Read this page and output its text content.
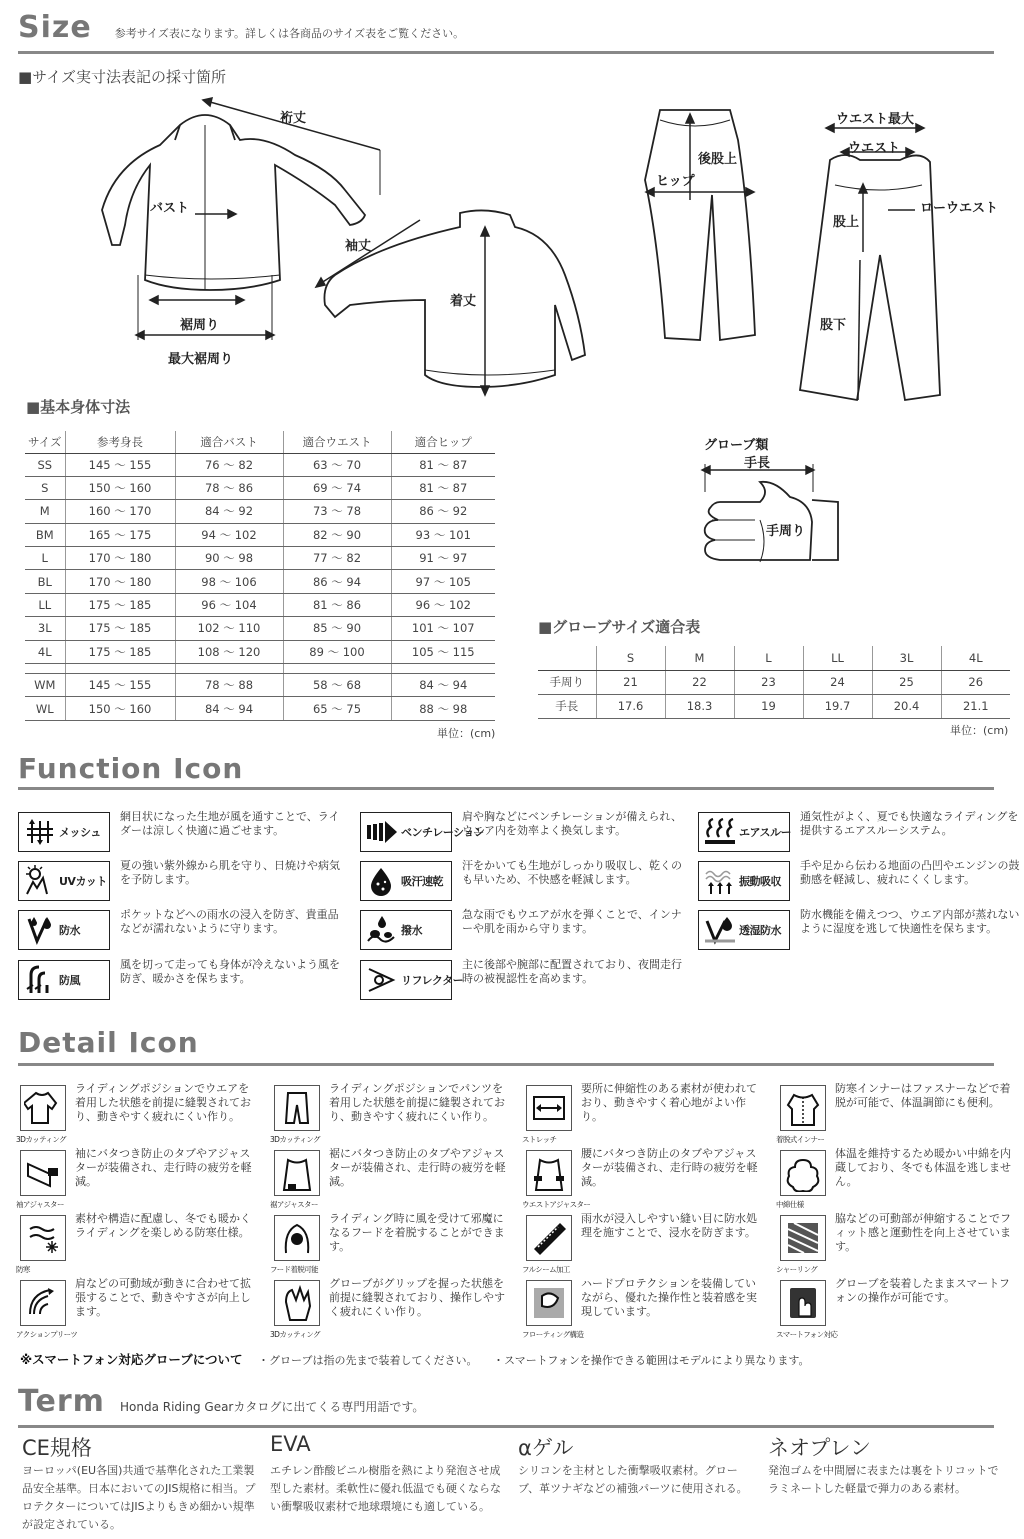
Size 参考サイズ表になります。詳しくは各商品のサイズ表をご覧ください。
■サイズ実寸法表記の採寸箇所
裄丈
バスト
裾周り
最大裾周り
袖丈
着丈
後股上
ヒップ
ウエスト最大
ウエスト
ローウエスト
股上
股下
■基本身体寸法
サイズ	参考身長	適合バスト	適合ウエスト	適合ヒップ
SS	145 ～ 155	76 ～ 82	63 ～ 70	81 ～ 87
S	150 ～ 160	78 ～ 86	69 ～ 74	81 ～ 87
M	160 ～ 170	84 ～ 92	73 ～ 78	86 ～ 92
BM	165 ～ 175	94 ～ 102	82 ～ 90	93 ～ 101
L	170 ～ 180	90 ～ 98	77 ～ 82	91 ～ 97
BL	170 ～ 180	98 ～ 106	86 ～ 94	97 ～ 105
LL	175 ～ 185	96 ～ 104	81 ～ 86	96 ～ 102
3L	175 ～ 185	102 ～ 110	85 ～ 90	101 ～ 107
4L	175 ～ 185	108 ～ 120	89 ～ 100	105 ～ 115

WM	145 ～ 155	78 ～ 88	58 ～ 68	84 ～ 94
WL	150 ～ 160	84 ～ 94	65 ～ 75	88 ～ 98
単位：(cm)
グローブ類
手長
手周り
■グローブサイズ適合表
	S	M	L	LL	3L	4L
手周り	21	22	23	24	25	26
手長	17.6	18.3	19	19.7	20.4	21.1
単位：(cm)
Function Icon
メッシュ
網目状になった生地が風を通すことで、ライダーは涼しく快適に過ごせます。	ベンチレーション
肩や胸などにベンチレーションが備えられ、ウエア内を効率よく換気します。	エアスルー
通気性がよく、夏でも快適なライディングを提供するエアスルーシステム。
UVカット
夏の強い紫外線から肌を守り、日焼けや病気を予防します。	吸汗速乾
汗をかいても生地がしっかり吸収し、乾くのも早いため、不快感を軽減します。	振動吸収
手や足から伝わる地面の凸凹やエンジンの鼓動感を軽減し、疲れにくくします。
防水
ポケットなどへの雨水の浸入を防ぎ、貴重品などが濡れないように守ります。	撥水
急な雨でもウエアが水を弾くことで、インナーや肌を雨から守ります。	透湿防水
防水機能を備えつつ、ウエア内部が蒸れないように湿度を逃して快適性を保ちます。
防風
風を切って走っても身体が冷えないよう風を防ぎ、暖かさを保ちます。	リフレクター
主に後部や腕部に配置されており、夜間走行時の被視認性を高めます。
Detail Icon
3Dカッティング
ライディングポジションでウエアを着用した状態を前提に縫製されており、動きやすく疲れにくい作り。
3Dカッティング
ライディングポジションでパンツを着用した状態を前提に縫製されており、動きやすく疲れにくい作り。
ストレッチ
要所に伸縮性のある素材が使われており、動きやすく着心地がよい作り。
着脱式インナー
防寒インナーはファスナーなどで着脱が可能で、体温調節にも便利。
袖アジャスター
袖にバタつき防止のタブやアジャスターが装備され、走行時の疲労を軽減。
裾アジャスター
裾にバタつき防止のタブやアジャスターが装備され、走行時の疲労を軽減。
ウエストアジャスター
腰にバタつき防止のタブやアジャスターが装備され、走行時の疲労を軽減。
中綿仕様
体温を維持するため暖かい中綿を内蔵しており、冬でも体温を逃しません。
防寒
素材や構造に配慮し、冬でも暖かくライディングを楽しめる防寒仕様。
フード着脱可能
ライディング時に風を受けて邪魔になるフードを着脱することができます。
フルシーム加工
雨水が浸入しやすい縫い目に防水処理を施すことで、浸水を防ぎます。
シャーリング
脇などの可動部が伸縮することでフィット感と運動性を向上させています。
アクションプリーツ
肩などの可動域が動きに合わせて拡張することで、動きやすさが向上します。
3Dカッティング
グローブがグリップを握った状態を前提に縫製されており、操作しやすく疲れにくい作り。
フローティング構造
ハードプロテクションを装備していながら、優れた操作性と装着感を実現しています。
スマートフォン対応
グローブを装着したままスマートフォンの操作が可能です。
※スマートフォン対応グローブについて ・グローブは指の先まで装着してください。 ・スマートフォンを操作できる範囲はモデルにより異なります。
Term Honda Riding Gearカタログに出てくる専門用語です。
CE規格
ヨーロッパ(EU各国)共通で基準化された工業製品安全基準。日本においてのJIS規格に相当。プロテクターについてはJISよりもきめ細かい規準が設定されている。
EVA
エチレン酢酸ビニル樹脂を熱により発泡させ成型した素材。柔軟性に優れ低温でも硬くならない衝撃吸収素材で地球環境にも適している。
αゲル
シリコンを主材とした衝撃吸収素材。グローブ、革ツナギなどの補強パーツに使用される。
ネオプレン
発泡ゴムを中間層に表または裏をトリコットでラミネートした軽量で弾力のある素材。
